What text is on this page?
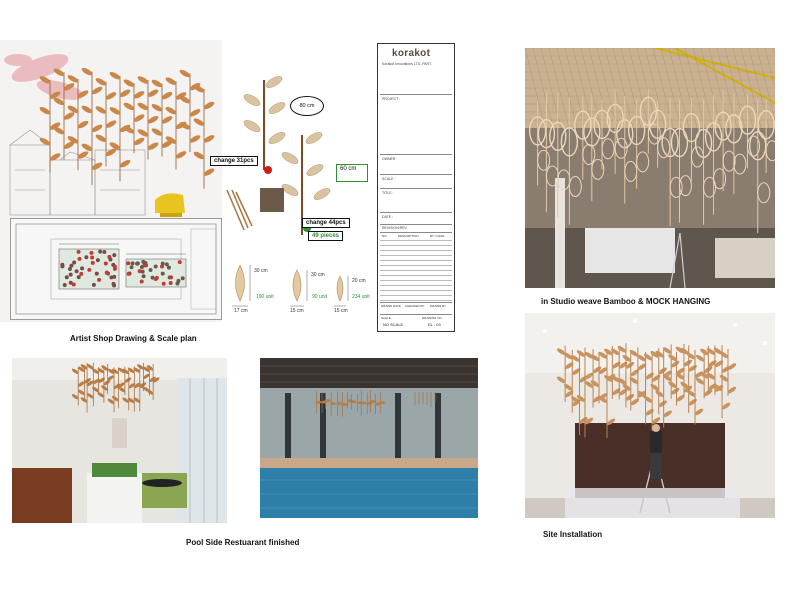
Artist Shop Drawing & Scale plan
80 cm
change 31pcs
60 cm
change 44pcs
49 pieces
30 cm
190 unit
17 cm
30 cm
90 unit
15 cm
20 cm
234 unit
15 cm
korakot
Korakot Innovations LTD.,PART.
PROJECT :
OWNER :
SCALE :
TITLE :
DATE :
REVISION/REV
NO.	DESCRIPTION	BY / DATE
DRAWN DATE CHECKED BY DRAWN BY
SCALE :	DRAWING NO.
NO SCALE	EL - 03
in Studio weave Bamboo & MOCK HANGING
Site Installation
Pool Side Restuarant finished
